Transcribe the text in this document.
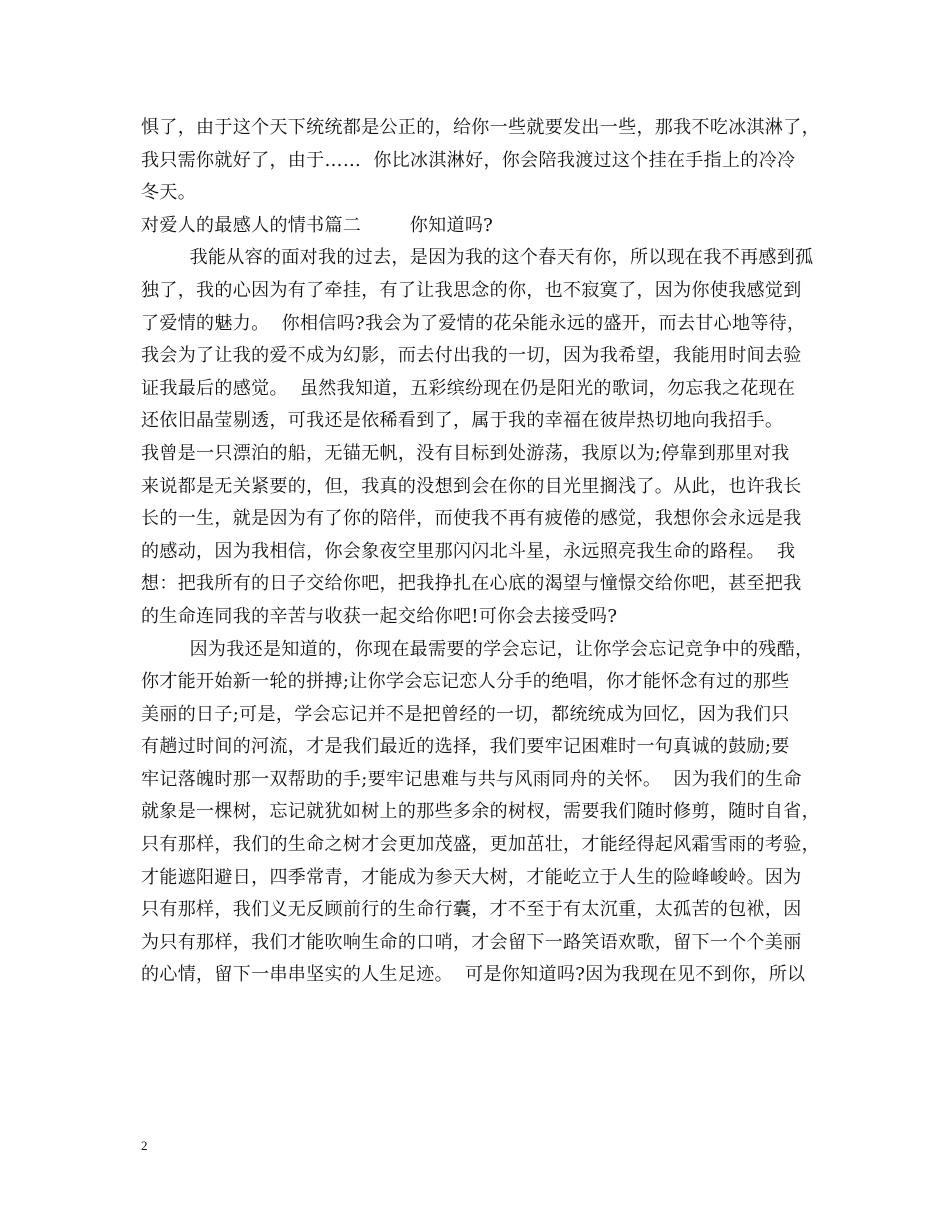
惧了，由于这个天下统统都是公正的，给你一些就要发出一些，那我不吃冰淇淋了，
我只需你就好了，由于……  你比冰淇淋好，你会陪我渡过这个挂在手指上的冷冷
冬天。
对爱人的最感人的情书篇二        你知道吗?
我能从容的面对我的过去，是因为我的这个春天有你，所以现在我不再感到孤
独了，我的心因为有了牵挂，有了让我思念的你，也不寂寞了，因为你使我感觉到
了爱情的魅力。  你相信吗?我会为了爱情的花朵能永远的盛开，而去甘心地等待，
我会为了让我的爱不成为幻影，而去付出我的一切，因为我希望，我能用时间去验
证我最后的感觉。  虽然我知道，五彩缤纷现在仍是阳光的歌词，勿忘我之花现在
还依旧晶莹剔透，可我还是依稀看到了，属于我的幸福在彼岸热切地向我招手。
我曾是一只漂泊的船，无锚无帆，没有目标到处游荡，我原以为;停靠到那里对我
来说都是无关紧要的，但，我真的没想到会在你的目光里搁浅了。从此，也许我长
长的一生，就是因为有了你的陪伴，而使我不再有疲倦的感觉，我想你会永远是我
的感动，因为我相信，你会象夜空里那闪闪北斗星，永远照亮我生命的路程。  我
想：把我所有的日子交给你吧，把我挣扎在心底的渴望与憧憬交给你吧，甚至把我
的生命连同我的辛苦与收获一起交给你吧!可你会去接受吗?
因为我还是知道的，你现在最需要的学会忘记，让你学会忘记竞争中的残酷，
你才能开始新一轮的拼搏;让你学会忘记恋人分手的绝唱，你才能怀念有过的那些
美丽的日子;可是，学会忘记并不是把曾经的一切，都统统成为回忆，因为我们只
有趟过时间的河流，才是我们最近的选择，我们要牢记困难时一句真诚的鼓励;要
牢记落魄时那一双帮助的手;要牢记患难与共与风雨同舟的关怀。  因为我们的生命
就象是一棵树，忘记就犹如树上的那些多余的树杈，需要我们随时修剪，随时自省，
只有那样，我们的生命之树才会更加茂盛，更加茁壮，才能经得起风霜雪雨的考验，
才能遮阳避日，四季常青，才能成为参天大树，才能屹立于人生的险峰峻岭。因为
只有那样，我们义无反顾前行的生命行囊，才不至于有太沉重，太孤苦的包袱，因
为只有那样，我们才能吹响生命的口哨，才会留下一路笑语欢歌，留下一个个美丽
的心情，留下一串串坚实的人生足迹。  可是你知道吗?因为我现在见不到你，所以
2
